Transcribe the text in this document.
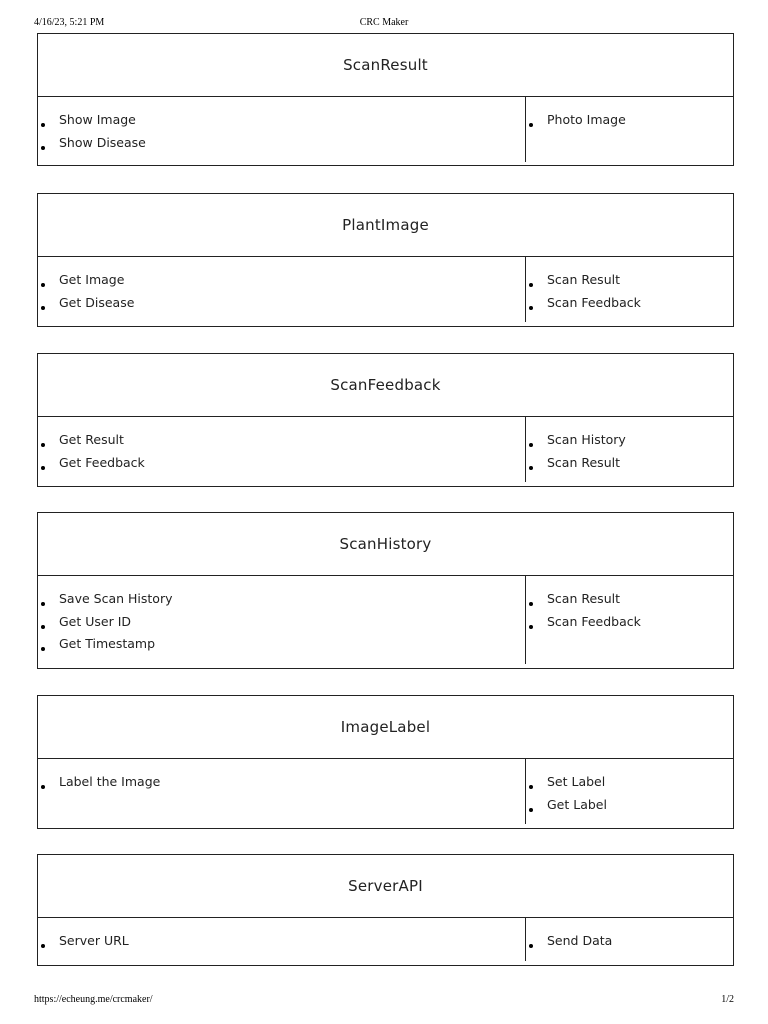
4/16/23, 5:21 PM	CRC Maker
ScanResult
Show Image
Show Disease
Photo Image
PlantImage
Get Image
Get Disease
Scan Result
Scan Feedback
ScanFeedback
Get Result
Get Feedback
Scan History
Scan Result
ScanHistory
Save Scan History
Get User ID
Get Timestamp
Scan Result
Scan Feedback
ImageLabel
Label the Image	Set Label
Get Label
ServerAPI
Server URL	Send Data
https://echeung.me/crcmaker/	1/2
